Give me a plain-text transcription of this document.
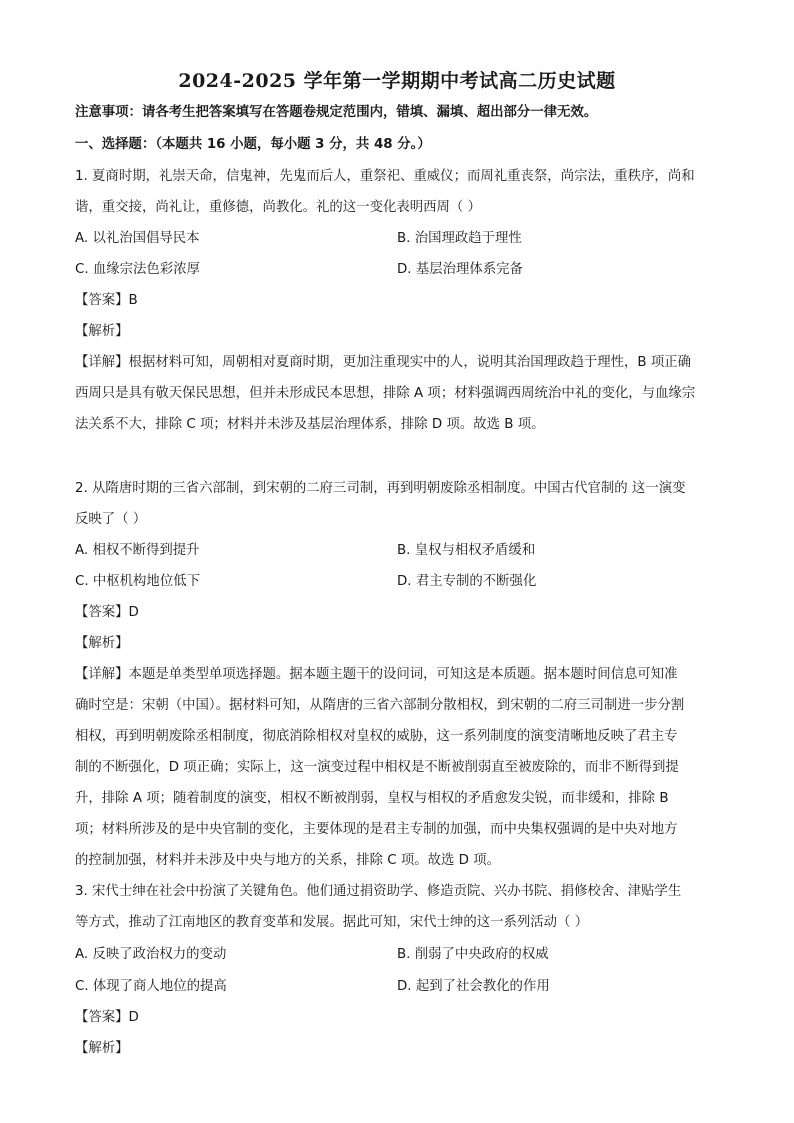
2024-2025 学年第一学期期中考试高二历史试题
注意事项：请各考生把答案填写在答题卷规定范围内，错填、漏填、超出部分一律无效。
一、选择题：（本题共 16 小题，每小题 3 分，共 48 分。）
1. 夏商时期，礼崇天命，信鬼神，先鬼而后人，重祭祀、重威仪；而周礼重丧祭，尚宗法，重秩序，尚和
谐，重交接，尚礼让，重修德，尚教化。礼的这一变化表明西周（ ）
A. 以礼治国倡导民本	B. 治国理政趋于理性
C. 血缘宗法色彩浓厚	D. 基层治理体系完备
【答案】B
【解析】
【详解】根据材料可知，周朝相对夏商时期，更加注重现实中的人，说明其治国理政趋于理性，B 项正确
西周只是具有敬天保民思想，但并未形成民本思想，排除 A 项；材料强调西周统治中礼的变化，与血缘宗
法关系不大，排除 C 项；材料并未涉及基层治理体系，排除 D 项。故选 B 项。
2. 从隋唐时期的三省六部制，到宋朝的二府三司制，再到明朝废除丞相制度。中国古代官制的 这一演变
反映了（ ）
A. 相权不断得到提升	B. 皇权与相权矛盾缓和
C. 中枢机构地位低下	D. 君主专制的不断强化
【答案】D
【解析】
【详解】本题是单类型单项选择题。据本题主题干的设问词，可知这是本质题。据本题时间信息可知准
确时空是：宋朝（中国）。据材料可知，从隋唐的三省六部制分散相权，到宋朝的二府三司制进一步分割
相权，再到明朝废除丞相制度，彻底消除相权对皇权的威胁，这一系列制度的演变清晰地反映了君主专
制的不断强化，D 项正确；实际上，这一演变过程中相权是不断被削弱直至被废除的，而非不断得到提
升，排除 A 项；随着制度的演变，相权不断被削弱，皇权与相权的矛盾愈发尖锐，而非缓和，排除 B
项；材料所涉及的是中央官制的变化，主要体现的是君主专制的加强，而中央集权强调的是中央对地方
的控制加强，材料并未涉及中央与地方的关系，排除 C 项。故选 D 项。
3. 宋代士绅在社会中扮演了关键角色。他们通过捐资助学、修造贡院、兴办书院、捐修校舍、津贴学生
等方式，推动了江南地区的教育变革和发展。据此可知，宋代士绅的这一系列活动（ ）
A. 反映了政治权力的变动	B. 削弱了中央政府的权威
C. 体现了商人地位的提高	D. 起到了社会教化的作用
【答案】D
【解析】
